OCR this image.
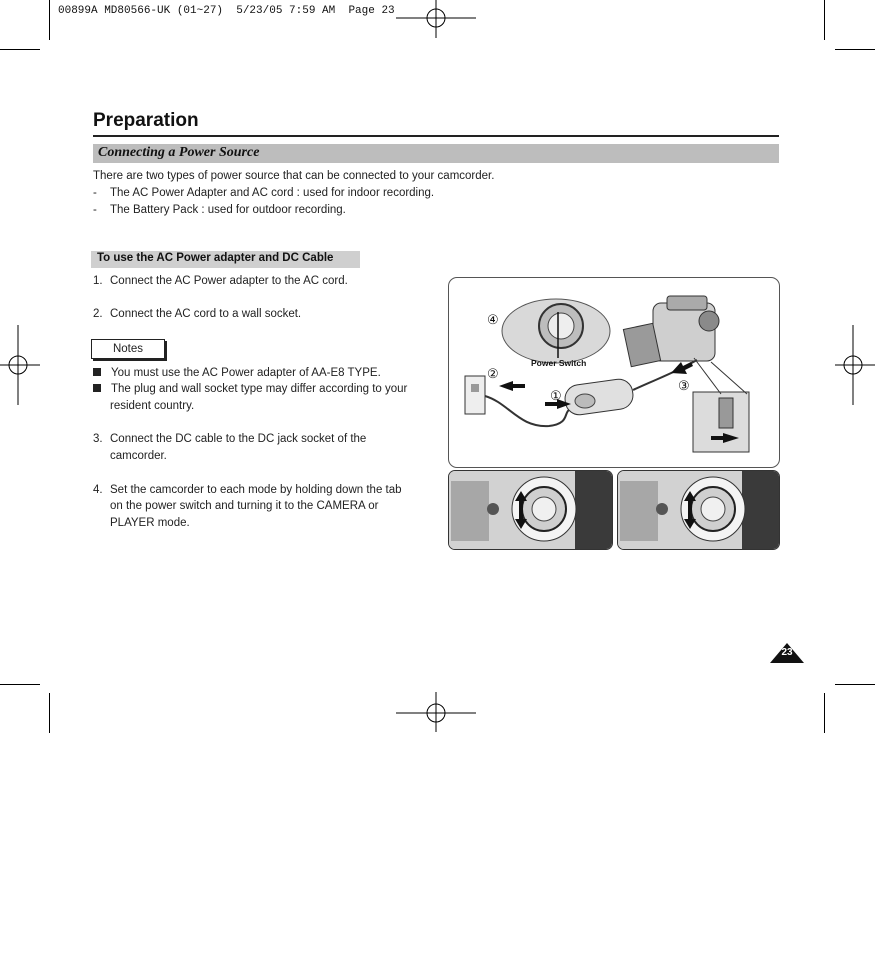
00899A MD80566-UK (01~27)  5/23/05 7:59 AM  Page 23
Preparation
Connecting a Power Source
There are two types of power source that can be connected to your camcorder.
- The AC Power Adapter and AC cord : used for indoor recording.
- The Battery Pack : used for outdoor recording.
To use the AC Power adapter and DC Cable
1. Connect the AC Power adapter to the AC cord.
2. Connect the AC cord to a wall socket.
Notes
You must use the AC Power adapter of AA-E8 TYPE.
The plug and wall socket type may differ according to your
resident country.
3. Connect the DC cable to the DC jack socket of the
camcorder.
4. Set the camcorder to each mode by holding down the tab
on the power switch and turning it to the CAMERA or
PLAYER mode.
④
②
①
③
Power Switch
23
